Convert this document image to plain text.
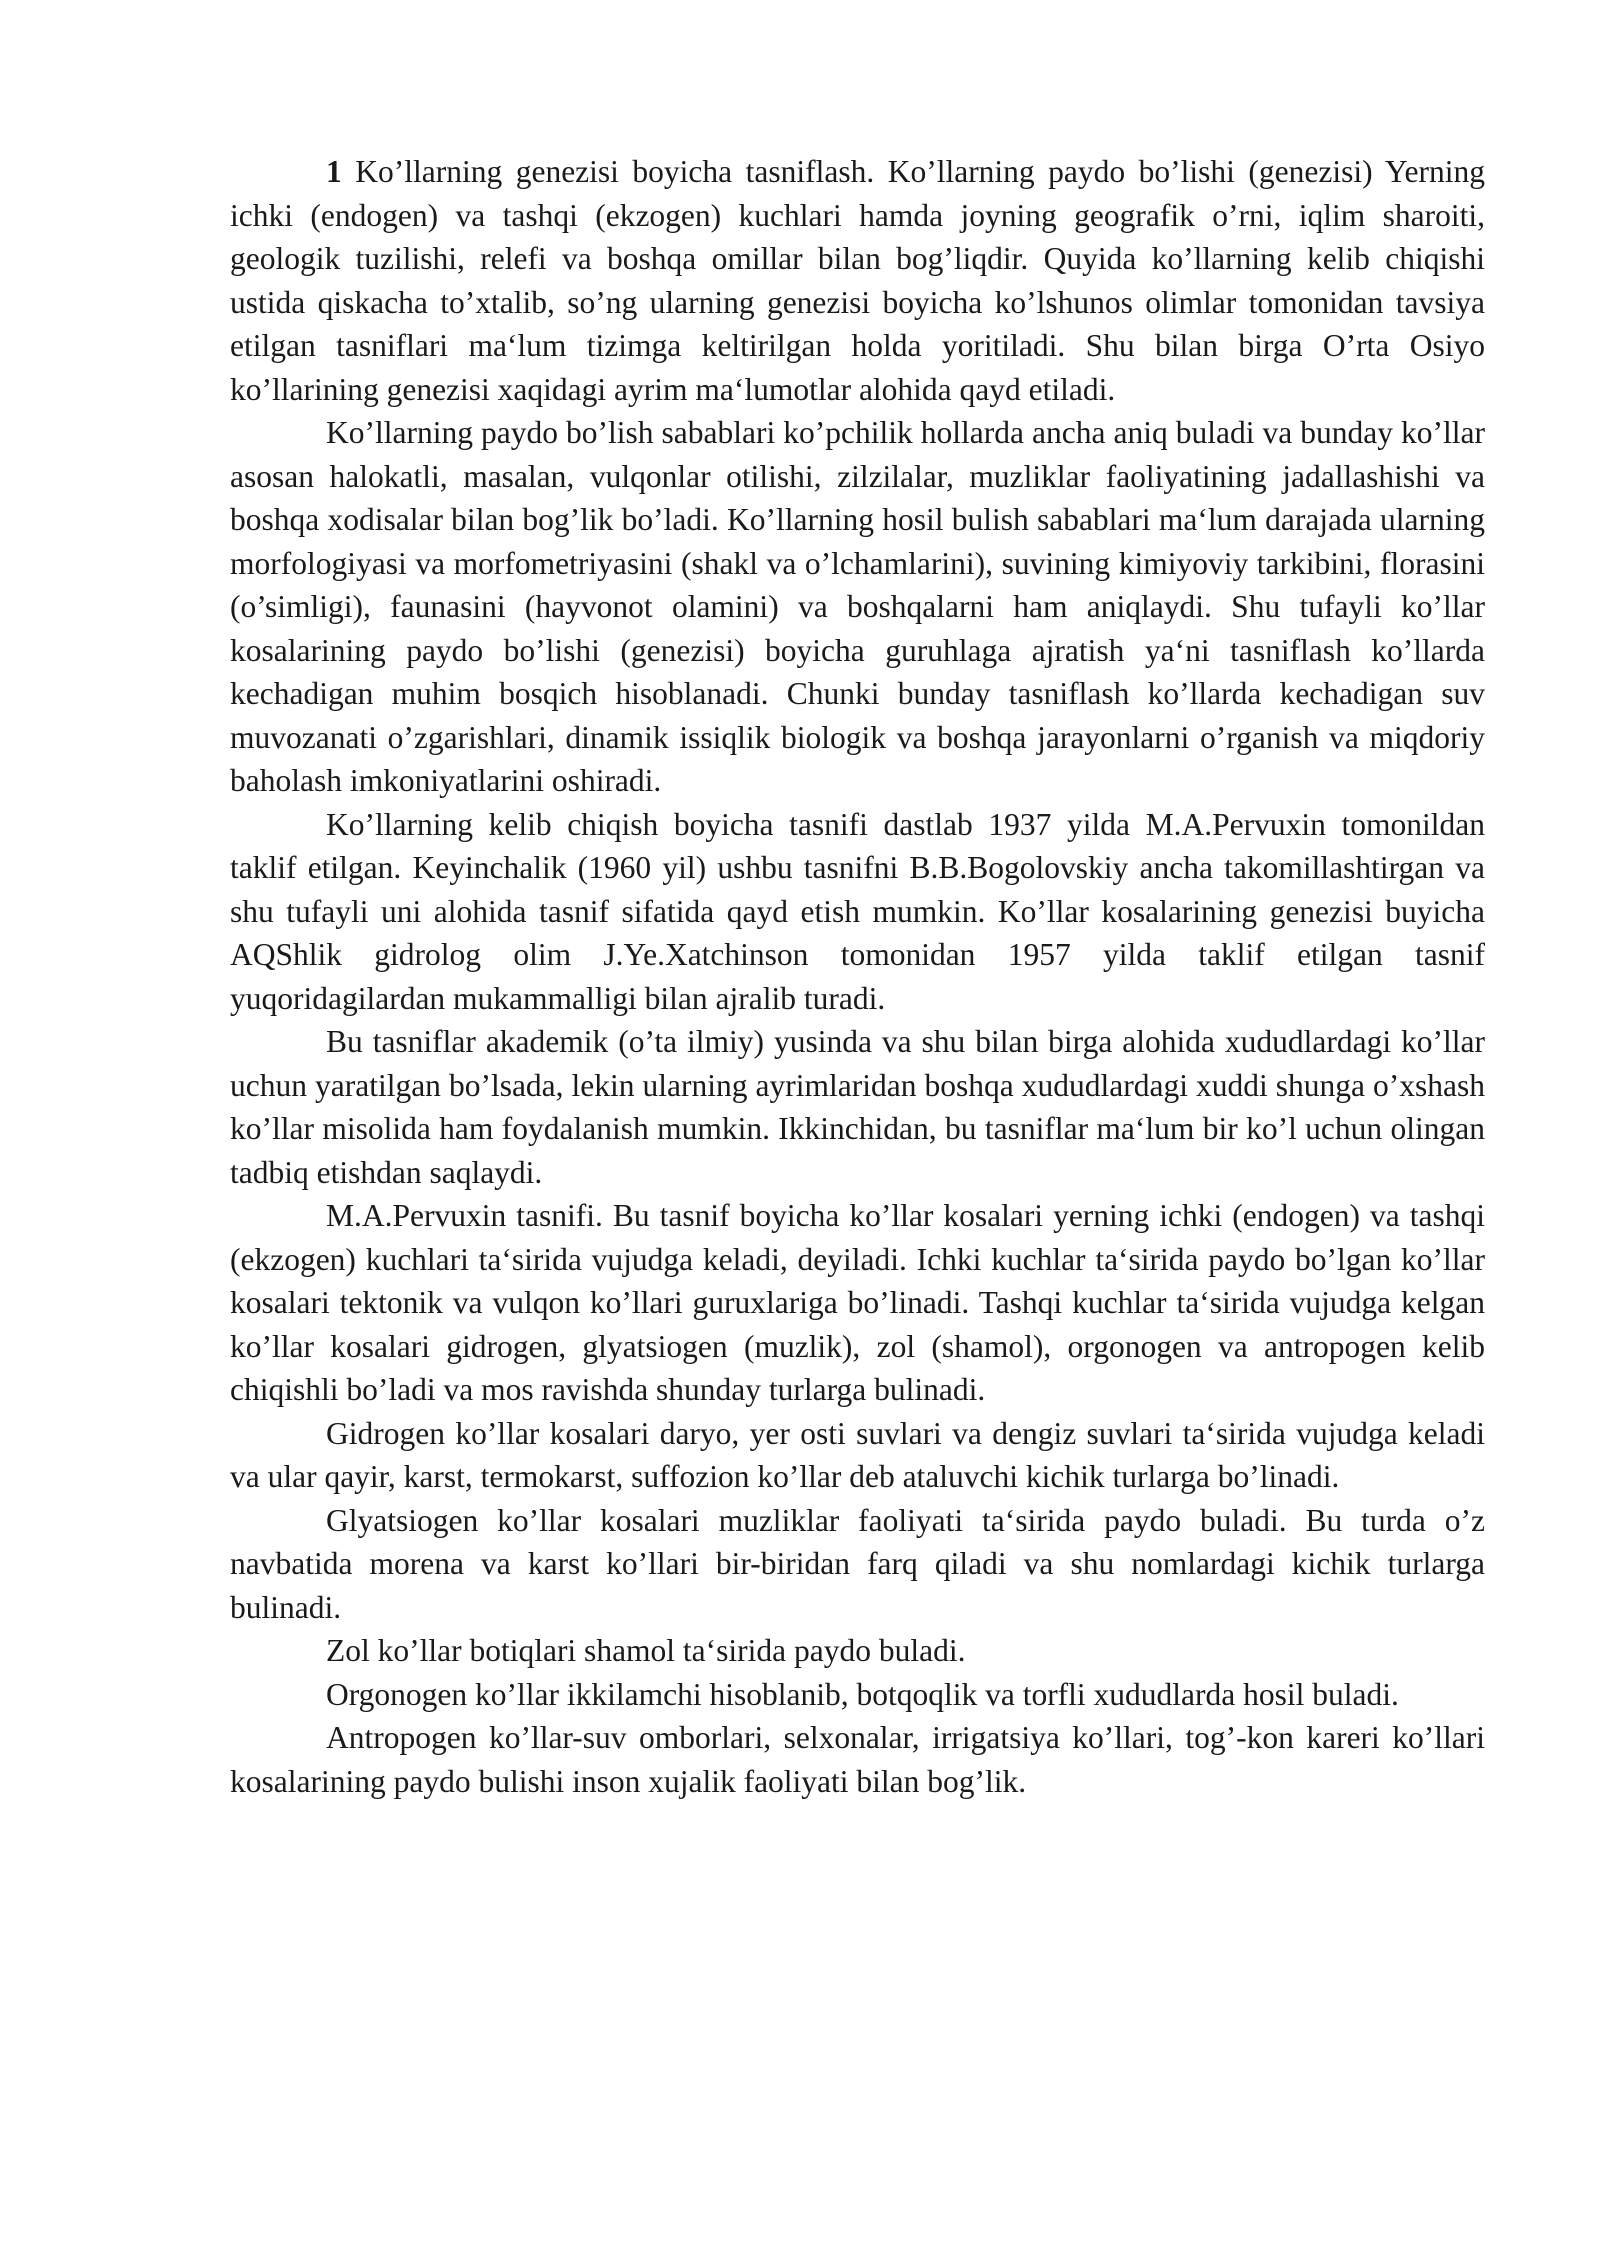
1 Ko’llarning genezisi boyicha tasniflash. Ko’llarning paydo bo’lishi (genezisi) Yerning ichki (endogen) va tashqi (ekzogen) kuchlari hamda joyning geografik o’rni, iqlim sharoiti, geologik tuzilishi, relefi va boshqa omillar bilan bog’liqdir. Quyida ko’llarning kelib chiqishi ustida qiskacha to’xtalib, so’ng ularning genezisi boyicha ko’lshunos olimlar tomonidan tavsiya etilgan tasniflari ma‘lum tizimga keltirilgan holda yoritiladi. Shu bilan birga O’rta Osiyo ko’llarining genezisi xaqidagi ayrim ma‘lumotlar alohida qayd etiladi.

Ko’llarning paydo bo’lish sabablari ko’pchilik hollarda ancha aniq buladi va bunday ko’llar asosan halokatli, masalan, vulqonlar otilishi, zilzilalar, muzliklar faoliyatining jadallashishi va boshqa xodisalar bilan bog’lik bo’ladi. Ko’llarning hosil bulish sabablari ma‘lum darajada ularning morfologiyasi va morfometriyasini (shakl va o’lchamlarini), suvining kimiyoviy tarkibini, florasini (o’simligi), faunasini (hayvonot olamini) va boshqalarni ham aniqlaydi. Shu tufayli ko’llar kosalarining paydo bo’lishi (genezisi) boyicha guruhlaga ajratish ya‘ni tasniflash ko’llarda kechadigan muhim bosqich hisoblanadi. Chunki bunday tasniflash ko’llarda kechadigan suv muvozanati o’zgarishlari, dinamik issiqlik biologik va boshqa jarayonlarni o’rganish va miqdoriy baholash imkoniyatlarini oshiradi.

Ko’llarning kelib chiqish boyicha tasnifi dastlab 1937 yilda M.A.Pervuxin tomonildan taklif etilgan. Keyinchalik (1960 yil) ushbu tasnifni B.B.Bogolovskiy ancha takomillashtirgan va shu tufayli uni alohida tasnif sifatida qayd etish mumkin. Ko’llar kosalarining genezisi buyicha AQShlik gidrolog olim J.Ye.Xatchinson tomonidan 1957 yilda taklif etilgan tasnif yuqoridagilardan mukammalligi bilan ajralib turadi.

Bu tasniflar akademik (o’ta ilmiy) yusinda va shu bilan birga alohida xududlardagi ko’llar uchun yaratilgan bo’lsada, lekin ularning ayrimlaridan boshqa xududlardagi xuddi shunga o’xshash ko’llar misolida ham foydalanish mumkin. Ikkinchidan, bu tasniflar ma‘lum bir ko’l uchun olingan tadbiq etishdan saqlaydi.

M.A.Pervuxin tasnifi. Bu tasnif boyicha ko’llar kosalari yerning ichki (endogen) va tashqi (ekzogen) kuchlari ta‘sirida vujudga keladi, deyiladi. Ichki kuchlar ta‘sirida paydo bo’lgan ko’llar kosalari tektonik va vulqon ko’llari guruxlariga bo’linadi. Tashqi kuchlar ta‘sirida vujudga kelgan ko’llar kosalari gidrogen, glyatsiogen (muzlik), zol (shamol), orgonogen va antropogen kelib chiqishli bo’ladi va mos ravishda shunday turlarga bulinadi.

Gidrogen ko’llar kosalari daryo, yer osti suvlari va dengiz suvlari ta‘sirida vujudga keladi va ular qayir, karst, termokarst, suffozion ko’llar deb ataluvchi kichik turlarga bo’linadi.

Glyatsiogen ko’llar kosalari muzliklar faoliyati ta‘sirida paydo buladi. Bu turda o’z navbatida morena va karst ko’llari bir-biridan farq qiladi va shu nomlardagi kichik turlarga bulinadi.

Zol ko’llar botiqlari shamol ta‘sirida paydo buladi.

Orgonogen ko’llar ikkilamchi hisoblanib, botqoqlik va torfli xududlarda hosil buladi.

Antropogen ko’llar-suv omborlari, selxonalar, irrigatsiya ko’llari, tog’-kon kareri ko’llari kosalarining paydo bulishi inson xujalik faoliyati bilan bog’lik.
